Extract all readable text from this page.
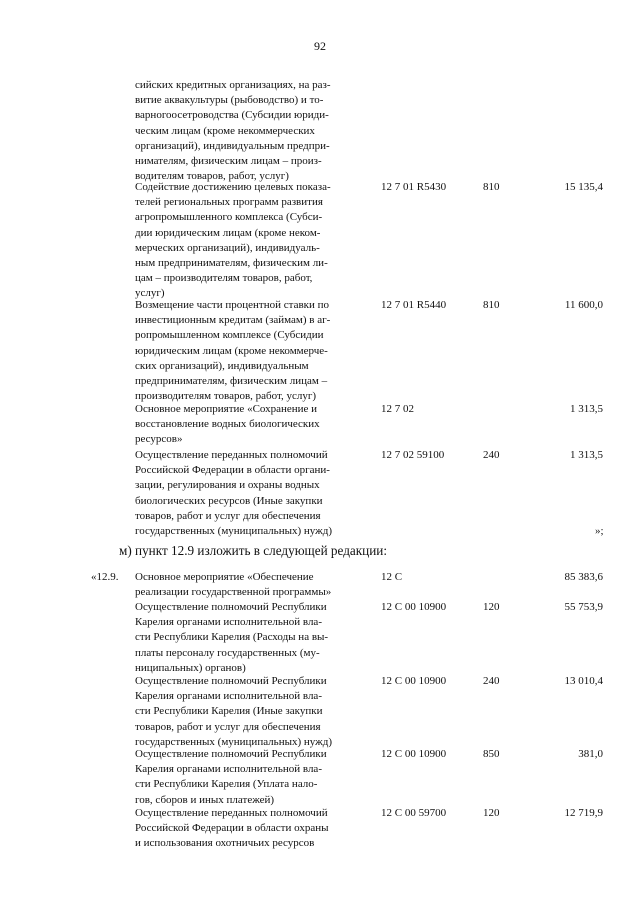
92
сийских кредитных организациях, на раз-
витие аквакультуры (рыбоводство) и то-
варногоосетроводства (Субсидии юриди-
ческим лицам (кроме некоммерческих
организаций), индивидуальным предпри-
нимателям, физическим лицам – произ-
водителям товаров, работ, услуг)
Содействие достижению целевых показа-
телей региональных программ развития
агропромышленного комплекса (Субси-
дии юридическим лицам (кроме неком-
мерческих организаций), индивидуаль-
ным предпринимателям, физическим ли-
цам – производителям товаров, работ,
услуг)
12 7 01 R5430	810	15 135,4
Возмещение части процентной ставки по
инвестиционным кредитам (займам) в аг-
ропромышленном комплексе (Субсидии
юридическим лицам (кроме некоммерче-
ских организаций), индивидуальным
предпринимателям, физическим лицам –
производителям товаров, работ, услуг)
12 7 01 R5440	810	11 600,0
Основное мероприятие «Сохранение и
восстановление водных биологических
ресурсов»
12 7 02	1 313,5
Осуществление переданных полномочий
Российской Федерации в области органи-
зации, регулирования и охраны водных
биологических ресурсов (Иные закупки
товаров, работ и услуг для обеспечения
государственных (муниципальных) нужд)
12 7 02 59100	240	1 313,5
»;
м) пункт 12.9 изложить в следующей редакции:
«12.9. Основное мероприятие «Обеспечение
реализации государственной программы»
12 С	85 383,6
Осуществление полномочий Республики
Карелия органами исполнительной вла-
сти Республики Карелия (Расходы на вы-
платы персоналу государственных (му-
ниципальных) органов)
12 С 00 10900	120	55 753,9
Осуществление полномочий Республики
Карелия органами исполнительной вла-
сти Республики Карелия (Иные закупки
товаров, работ и услуг для обеспечения
государственных (муниципальных) нужд)
12 С 00 10900	240	13 010,4
Осуществление полномочий Республики
Карелия органами исполнительной вла-
сти Республики Карелия (Уплата нало-
гов, сборов и иных платежей)
12 С 00 10900	850	381,0
Осуществление переданных полномочий
Российской Федерации в области охраны
и использования охотничьих ресурсов
12 С 00 59700	120	12 719,9
